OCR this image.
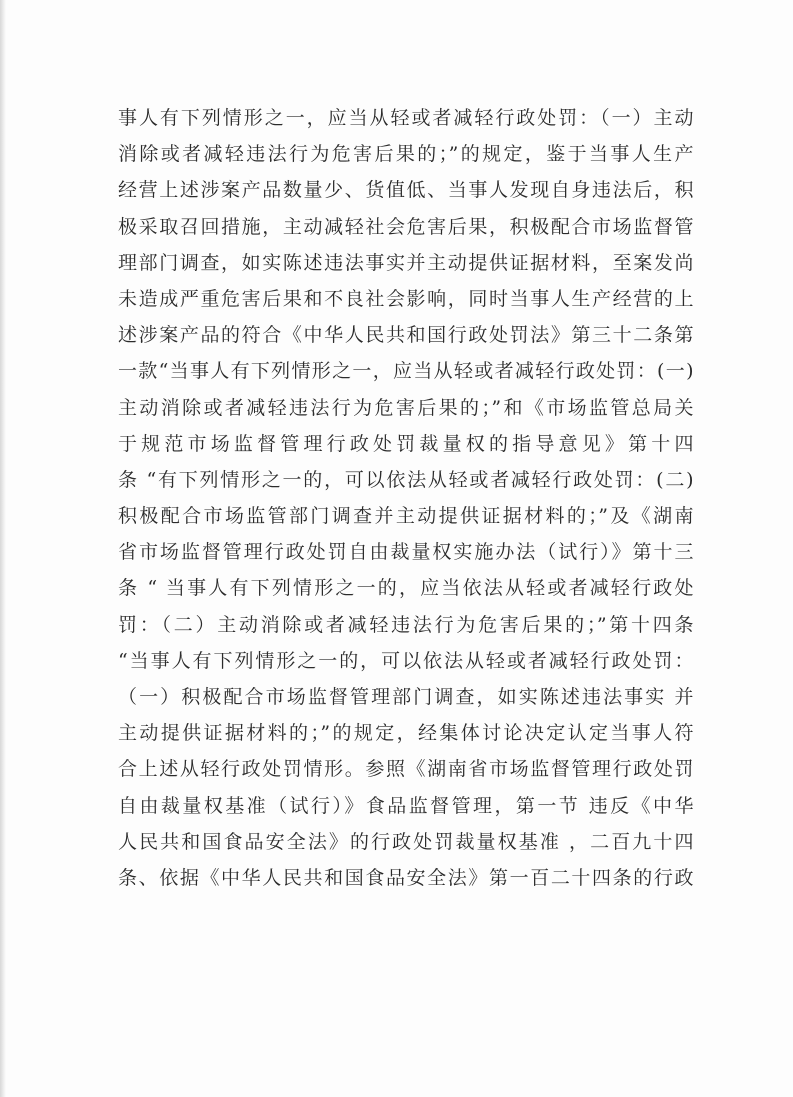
事人有下列情形之一，应当从轻或者减轻行政处罚：（一）主动
消除或者减轻违法行为危害后果的；”的规定，鉴于当事人生产
经营上述涉案产品数量少、货值低、当事人发现自身违法后，积
极采取召回措施，主动减轻社会危害后果，积极配合市场监督管
理部门调查，如实陈述违法事实并主动提供证据材料，至案发尚
未造成严重危害后果和不良社会影响，同时当事人生产经营的上
述涉案产品的符合《中华人民共和国行政处罚法》第三十二条第
一款“当事人有下列情形之一，应当从轻或者减轻行政处罚：(一)
主动消除或者减轻违法行为危害后果的；”和《市场监管总局关
于规范市场监督管理行政处罚裁量权的指导意见》第十四
条 “有下列情形之一的，可以依法从轻或者减轻行政处罚：(二)
积极配合市场监管部门调查并主动提供证据材料的；”及《湖南
省市场监督管理行政处罚自由裁量权实施办法（试行）》第十三
条 “ 当事人有下列情形之一的，应当依法从轻或者减轻行政处
罚：（二）主动消除或者减轻违法行为危害后果的；”第十四条
“当事人有下列情形之一的，可以依法从轻或者减轻行政处罚：
（一）积极配合市场监督管理部门调查，如实陈述违法事实 并
主动提供证据材料的；”的规定，经集体讨论决定认定当事人符
合上述从轻行政处罚情形。参照《湖南省市场监督管理行政处罚
自由裁量权基准（试行）》食品监督管理，第一节 违反《中华
人民共和国食品安全法》的行政处罚裁量权基准 ，二百九十四
条、依据《中华人民共和国食品安全法》第一百二十四条的行政
